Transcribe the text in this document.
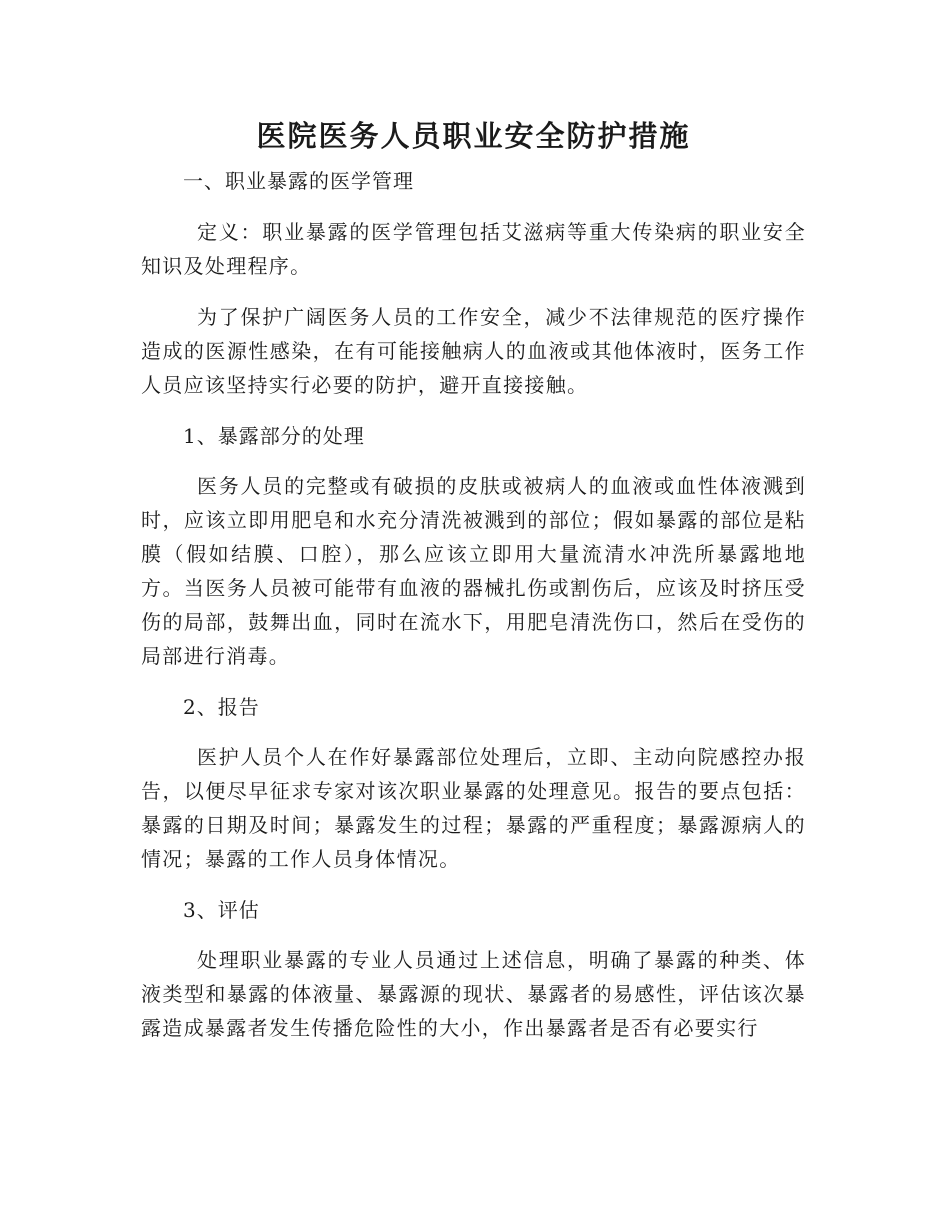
医院医务人员职业安全防护措施

一、职业暴露的医学管理

定义：职业暴露的医学管理包括艾滋病等重大传染病的职业安全知识及处理程序。

为了保护广阔医务人员的工作安全，减少不法律规范的医疗操作造成的医源性感染，在有可能接触病人的血液或其他体液时，医务工作人员应该坚持实行必要的防护，避开直接接触。

1、暴露部分的处理

医务人员的完整或有破损的皮肤或被病人的血液或血性体液溅到时，应该立即用肥皂和水充分清洗被溅到的部位；假如暴露的部位是粘膜（假如结膜、口腔），那么应该立即用大量流清水冲洗所暴露地地方。当医务人员被可能带有血液的器械扎伤或割伤后，应该及时挤压受伤的局部，鼓舞出血，同时在流水下，用肥皂清洗伤口，然后在受伤的局部进行消毒。

2、报告

医护人员个人在作好暴露部位处理后，立即、主动向院感控办报告，以便尽早征求专家对该次职业暴露的处理意见。报告的要点包括：暴露的日期及时间；暴露发生的过程；暴露的严重程度；暴露源病人的情况；暴露的工作人员身体情况。

3、评估

处理职业暴露的专业人员通过上述信息，明确了暴露的种类、体液类型和暴露的体液量、暴露源的现状、暴露者的易感性，评估该次暴露造成暴露者发生传播危险性的大小，作出暴露者是否有必要实行
